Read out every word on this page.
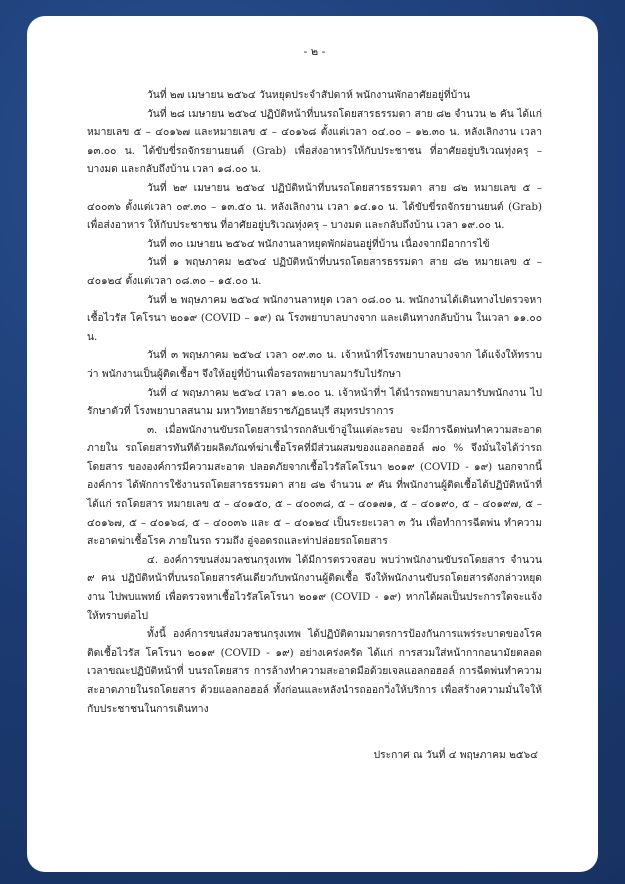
- ๒ -

วันที่ ๒๗ เมษายน ๒๕๖๔ วันหยุดประจำสัปดาห์ พนักงานพักอาศัยอยู่ที่บ้าน

วันที่ ๒๘ เมษายน ๒๕๖๔ ปฏิบัติหน้าที่บนรถโดยสารธรรมดา สาย ๘๒ จำนวน ๒ คัน ได้แก่ หมายเลข ๕ – ๔๐๑๖๗ และหมายเลข ๕ – ๔๐๑๖๘ ตั้งแต่เวลา ๐๔.๐๐ – ๑๒.๓๐ น. หลังเลิกงาน เวลา ๑๓.๐๐ น. ได้ขับขี่รถจักรยานยนต์ (Grab) เพื่อส่งอาหารให้กับประชาชน ที่อาศัยอยู่บริเวณทุ่งครุ – บางมด และกลับถึงบ้าน เวลา ๑๘.๐๐ น.

วันที่ ๒๙ เมษายน ๒๕๖๔ ปฏิบัติหน้าที่บนรถโดยสารธรรมดา สาย ๘๒ หมายเลข ๕ – ๔๐๐๓๖ ตั้งแต่เวลา ๐๙.๓๐ – ๑๓.๕๐ น. หลังเลิกงาน เวลา ๑๔.๑๐ น. ได้ขับขี่รถจักรยานยนต์ (Grab) เพื่อส่งอาหาร ให้กับประชาชน ที่อาศัยอยู่บริเวณทุ่งครุ – บางมด และกลับถึงบ้าน เวลา ๑๙.๐๐ น.

วันที่ ๓๐ เมษายน ๒๕๖๔ พนักงานลาหยุดพักผ่อนอยู่ที่บ้าน เนื่องจากมีอาการไข้

วันที่ ๑ พฤษภาคม ๒๕๖๔ ปฏิบัติหน้าที่บนรถโดยสารธรรมดา สาย ๘๒ หมายเลข ๕ – ๔๐๑๒๔ ตั้งแต่เวลา ๐๘.๓๐ – ๑๕.๐๐ น.

วันที่ ๒ พฤษภาคม ๒๕๖๔ พนักงานลาหยุด เวลา ๐๘.๐๐ น. พนักงานได้เดินทางไปตรวจหาเชื้อไวรัส โคโรนา ๒๐๑๙ (COVID – ๑๙) ณ โรงพยาบาลบางจาก และเดินทางกลับบ้าน ในเวลา ๑๑.๐๐ น.

วันที่ ๓ พฤษภาคม ๒๕๖๔ เวลา ๐๙.๓๐ น. เจ้าหน้าที่โรงพยาบาลบางจาก ได้แจ้งให้ทราบว่า พนักงานเป็นผู้ติดเชื้อฯ จึงให้อยู่ที่บ้านเพื่อรอรถพยาบาลมารับไปรักษา

วันที่ ๔ พฤษภาคม ๒๕๖๔ เวลา ๑๒.๐๐ น. เจ้าหน้าที่ฯ ได้นำรถพยาบาลมารับพนักงาน ไปรักษาตัวที่ โรงพยาบาลสนาม มหาวิทยาลัยราชภัฏธนบุรี สมุทรปราการ

๓. เมื่อพนักงานขับรถโดยสารนำรถกลับเข้าอู่ในแต่ละรอบ จะมีการฉีดพ่นทำความสะอาดภายใน รถโดยสารทันทีด้วยผลิตภัณฑ์ฆ่าเชื้อโรคที่มีส่วนผสมของแอลกอฮอล์ ๗๐ % จึงมั่นใจได้ว่ารถโดยสาร ขององค์การมีความสะอาด ปลอดภัยจากเชื้อไวรัสโคโรนา ๒๐๑๙ (COVID - ๑๙) นอกจากนี้ องค์การ ได้พักการใช้งานรถโดยสารธรรมดา สาย ๘๒ จำนวน ๙ คัน ที่พนักงานผู้ติดเชื้อได้ปฏิบัติหน้าที่ ได้แก่ รถโดยสาร หมายเลข ๕ – ๔๐๑๕๐, ๕ – ๔๐๐๓๘, ๕ – ๔๐๑๗๑, ๕ – ๔๐๑๙๐, ๕ – ๔๐๑๙๗, ๕ – ๔๐๑๖๗, ๕ – ๔๐๑๖๘, ๕ – ๔๐๐๓๖ และ ๕ – ๔๐๑๒๔ เป็นระยะเวลา ๓ วัน เพื่อทำการฉีดพ่น ทำความสะอาดฆ่าเชื้อโรค ภายในรถ รวมถึง อู่จอดรถและท่าปล่อยรถโดยสาร

๔. องค์การขนส่งมวลชนกรุงเทพ ได้มีการตรวจสอบ พบว่าพนักงานขับรถโดยสาร จำนวน ๙ คน ปฏิบัติหน้าที่บนรถโดยสารคันเดียวกับพนักงานผู้ติดเชื้อ จึงให้พนักงานขับรถโดยสารดังกล่าวหยุดงาน ไปพบแพทย์ เพื่อตรวจหาเชื้อไวรัสโคโรนา ๒๐๑๙ (COVID - ๑๙) หากได้ผลเป็นประการใดจะแจ้งให้ทราบต่อไป

ทั้งนี้ องค์การขนส่งมวลชนกรุงเทพ ได้ปฏิบัติตามมาตรการป้องกันการแพร่ระบาดของโรคติดเชื้อไวรัส โคโรนา ๒๐๑๙ (COVID - ๑๙) อย่างเคร่งครัด ได้แก่ การสวมใส่หน้ากากอนามัยตลอดเวลาขณะปฏิบัติหน้าที่ บนรถโดยสาร การล้างทำความสะอาดมือด้วยเจลแอลกอฮอล์ การฉีดพ่นทำความสะอาดภายในรถโดยสาร ด้วยแอลกอฮอล์ ทั้งก่อนและหลังนำรถออกวิ่งให้บริการ เพื่อสร้างความมั่นใจให้กับประชาชนในการเดินทาง

ประกาศ ณ วันที่ ๔ พฤษภาคม ๒๕๖๔
